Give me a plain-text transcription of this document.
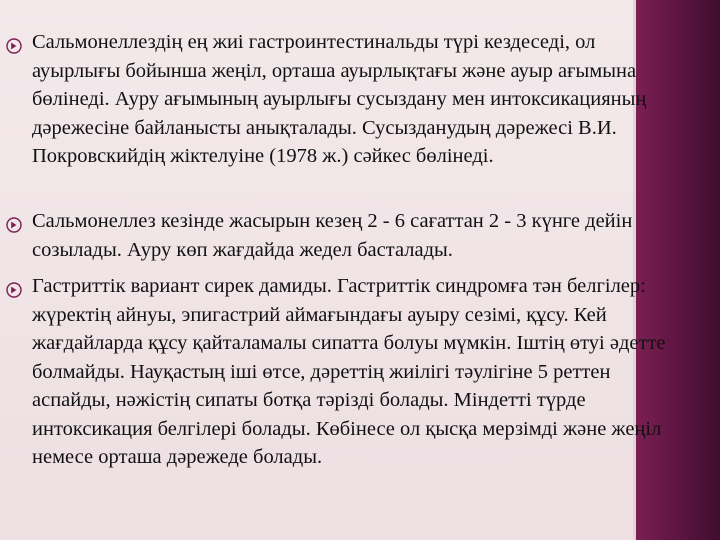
Сальмонеллездің ең жиі гастроинтестинальды түрі кездеседі, ол ауырлығы бойынша жеңіл, орташа ауырлықтағы және ауыр ағымына бөлінеді. Ауру ағымының ауырлығы сусыздану мен интоксикацияның дәрежесіне байланысты анықталады. Сусызданудың дәрежесі В.И. Покровскийдің жіктелуіне (1978 ж.) сәйкес бөлінеді.
Сальмонеллез кезінде жасырын кезең 2 - 6 сағаттан 2 - 3 күнге дейін созылады. Ауру көп жағдайда жедел басталады.
Гастриттік вариант сирек дамиды. Гастриттік синдромға тән белгілер: жүректің айнуы, эпигастрий аймағындағы ауыру сезімі, құсу. Кей жағдайларда құсу қайталамалы сипатта болуы мүмкін. Іштің өтуі әдетте болмайды. Науқастың іші өтсе, дәреттің жиілігі тәулігіне 5 реттен аспайды, нәжістің сипаты ботқа тәрізді болады. Міндетті түрде интоксикация белгілері болады. Көбінесе ол қысқа мерзімді және жеңіл немесе орташа дәрежеде болады.
